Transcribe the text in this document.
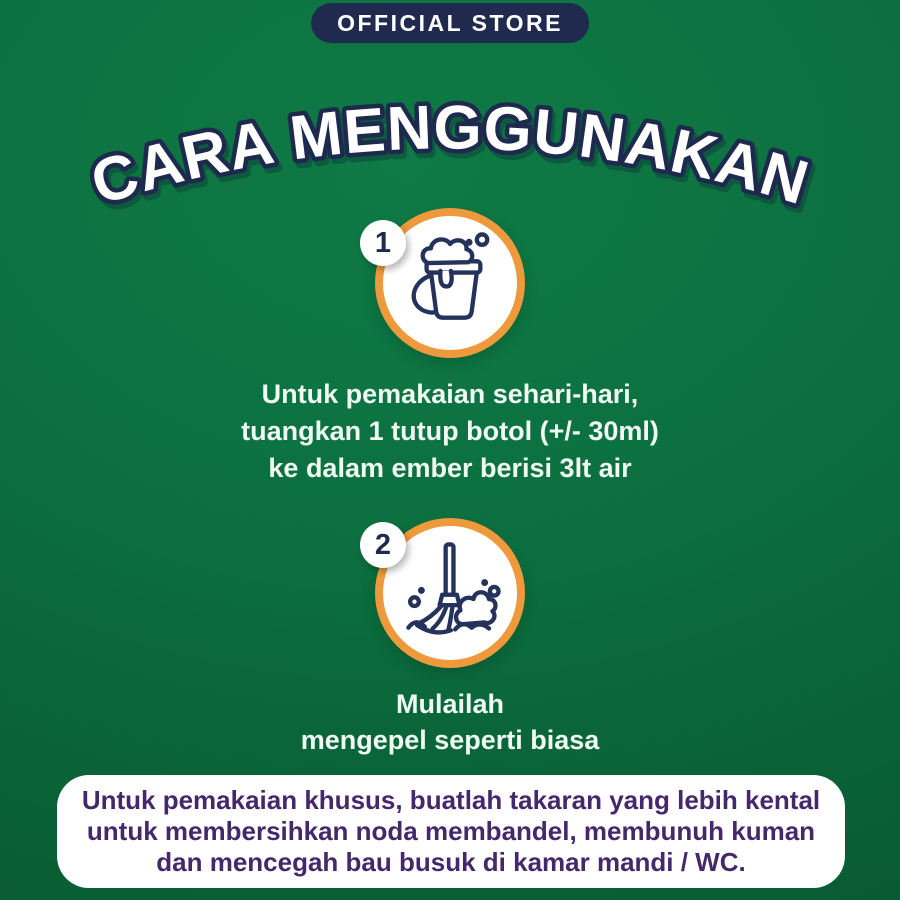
OFFICIAL STORE
CARA MENGGUNAKAN
1
Untuk pemakaian sehari-hari,
tuangkan 1 tutup botol (+/- 30ml)
ke dalam ember berisi 3lt air
2
Mulailah
mengepel seperti biasa
Untuk pemakaian khusus, buatlah takaran yang lebih kental
untuk membersihkan noda membandel, membunuh kuman
dan mencegah bau busuk di kamar mandi / WC.
